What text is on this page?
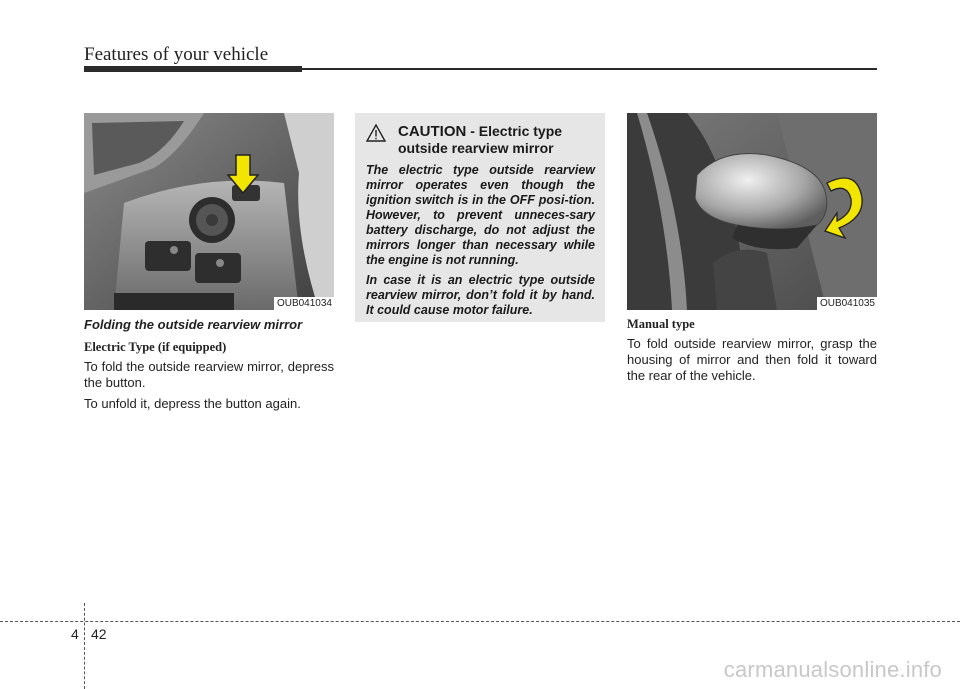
Features of your vehicle
OUB041034
CAUTION - Electric type
outside rearview mirror

The electric type outside rearview mirror operates even though the ignition switch is in the OFF posi-tion. However, to prevent unneces-sary battery discharge, do not adjust the mirrors longer than necessary while the engine is not running.

In case it is an electric type outside rearview mirror, don’t fold it by hand. It could cause motor failure.	OUB041035
Folding the outside rearview mirror
Electric Type (if equipped)

To fold the outside rearview mirror, depress the button.

To unfold it, depress the button again.

Manual type

To fold outside rearview mirror, grasp the housing of mirror and then fold it toward the rear of the vehicle.

4 42
carmanualsonline.info
